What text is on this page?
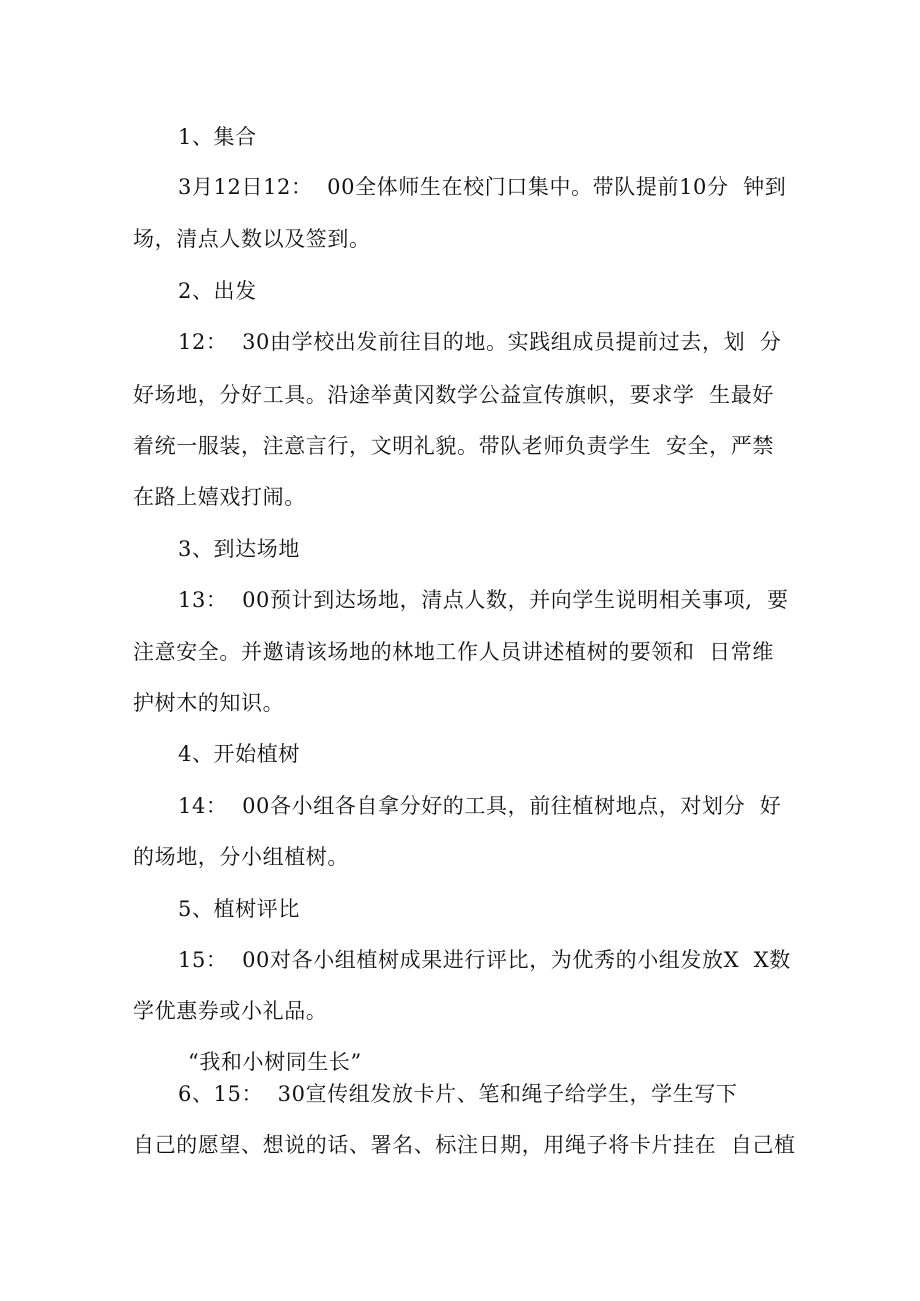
1、集合
3月12日12：  00全体师生在校门口集中。带队提前10分  钟到
场，清点人数以及签到。
2、出发
12：  30由学校出发前往目的地。实践组成员提前过去，划  分
好场地，分好工具。沿途举黄冈数学公益宣传旗帜，要求学  生最好
着统一服装，注意言行，文明礼貌。带队老师负责学生  安全，严禁
在路上嬉戏打闹。
3、到达场地
13：  00预计到达场地，清点人数，并向学生说明相关事项,  要
注意安全。并邀请该场地的林地工作人员讲述植树的要领和  日常维
护树木的知识。
4、开始植树
14：  00各小组各自拿分好的工具，前往植树地点，对划分  好
的场地，分小组植树。
5、植树评比
15：  00对各小组植树成果进行评比，为优秀的小组发放X  X数
学优惠券或小礼品。
“我和小树同生长”
6、15：  30宣传组发放卡片、笔和绳子给学生，学生写下
自己的愿望、想说的话、署名、标注日期，用绳子将卡片挂在  自己植
